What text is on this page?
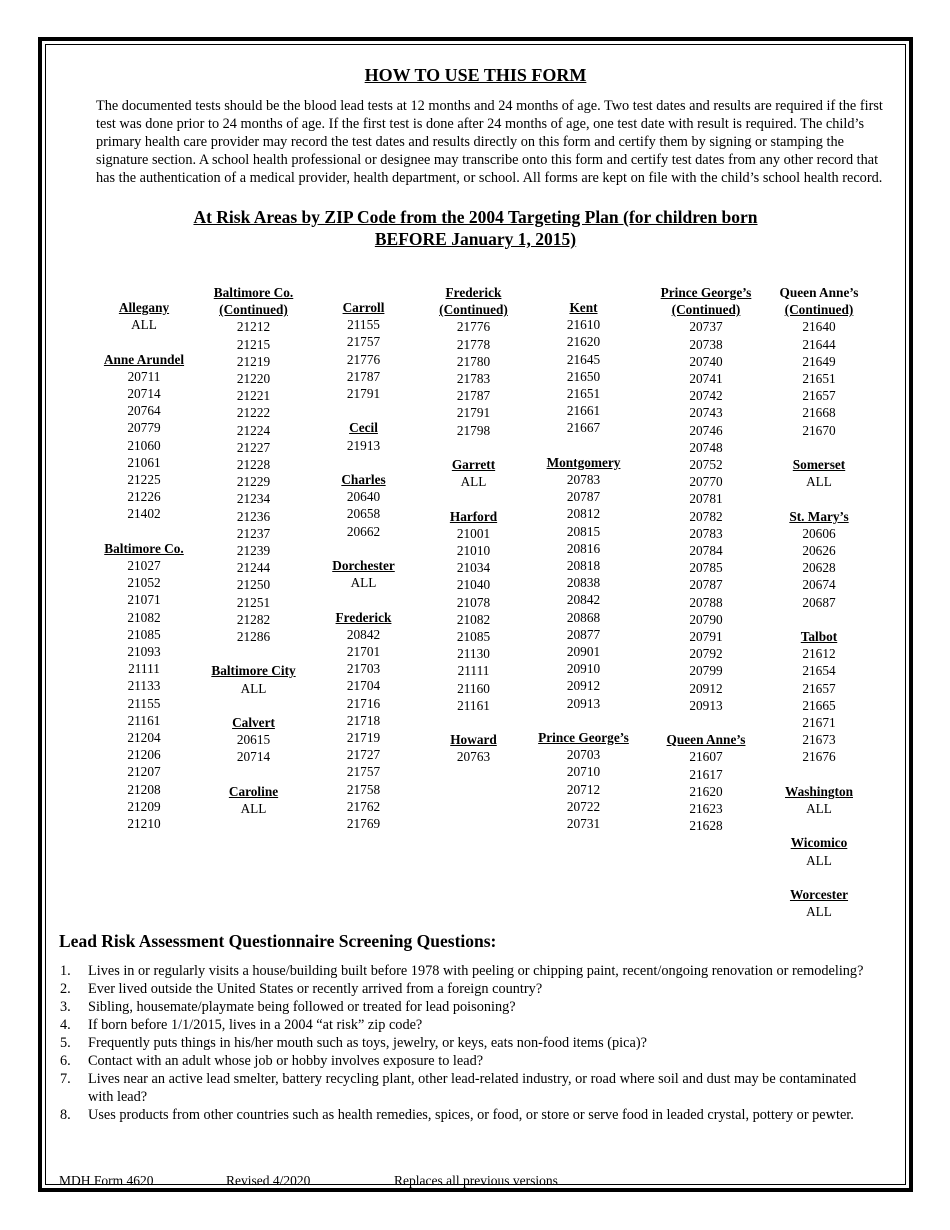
HOW TO USE THIS FORM

The documented tests should be the blood lead tests at 12 months and 24 months of age. Two test dates and results are required if the first test was done prior to 24 months of age. If the first test is done after 24 months of age, one test date with result is required. The child’s primary health care provider may record the test dates and results directly on this form and certify them by signing or stamping the signature section. A school health professional or designee may transcribe onto this form and certify test dates from any other record that has the authentication of a medical provider, health department, or school. All forms are kept on file with the child’s school health record.

At Risk Areas by ZIP Code from the 2004 Targeting Plan (for children born
BEFORE January 1, 2015)
Allegany
ALL
Anne Arundel
20711
20714
20764
20779
21060
21061
21225
21226
21402
Baltimore Co.
21027
21052
21071
21082
21085
21093
21111
21133
21155
21161
21204
21206
21207
21208
21209
21210
Baltimore Co.
(Continued)
21212
21215
21219
21220
21221
21222
21224
21227
21228
21229
21234
21236
21237
21239
21244
21250
21251
21282
21286
Baltimore City
ALL
Calvert
20615
20714
Caroline
ALL
Carroll
21155
21757
21776
21787
21791
Cecil
21913
Charles
20640
20658
20662
Dorchester
ALL
Frederick
20842
21701
21703
21704
21716
21718
21719
21727
21757
21758
21762
21769
Frederick
(Continued)
21776
21778
21780
21783
21787
21791
21798
Garrett
ALL
Harford
21001
21010
21034
21040
21078
21082
21085
21130
21111
21160
21161
Howard
20763
Kent
21610
21620
21645
21650
21651
21661
21667
Montgomery
20783
20787
20812
20815
20816
20818
20838
20842
20868
20877
20901
20910
20912
20913
Prince George’s
20703
20710
20712
20722
20731
Prince George’s
(Continued)
20737
20738
20740
20741
20742
20743
20746
20748
20752
20770
20781
20782
20783
20784
20785
20787
20788
20790
20791
20792
20799
20912
20913
Queen Anne’s
21607
21617
21620
21623
21628
Queen Anne’s
(Continued)
21640
21644
21649
21651
21657
21668
21670
Somerset
ALL
St. Mary’s
20606
20626
20628
20674
20687
Talbot
21612
21654
21657
21665
21671
21673
21676
Washington
ALL
Wicomico
ALL
Worcester
ALL
Lead Risk Assessment Questionnaire Screening Questions:
1. Lives in or regularly visits a house/building built before 1978 with peeling or chipping paint, recent/ongoing renovation or remodeling?
2. Ever lived outside the United States or recently arrived from a foreign country?
3. Sibling, housemate/playmate being followed or treated for lead poisoning?
4. If born before 1/1/2015, lives in a 2004 “at risk” zip code?
5. Frequently puts things in his/her mouth such as toys, jewelry, or keys, eats non-food items (pica)?
6. Contact with an adult whose job or hobby involves exposure to lead?
7. Lives near an active lead smelter, battery recycling plant, other lead-related industry, or road where soil and dust may be contaminated with lead?
8. Uses products from other countries such as health remedies, spices, or food, or store or serve food in leaded crystal, pottery or pewter.
MDH Form 4620	Revised 4/2020	Replaces all previous versions
